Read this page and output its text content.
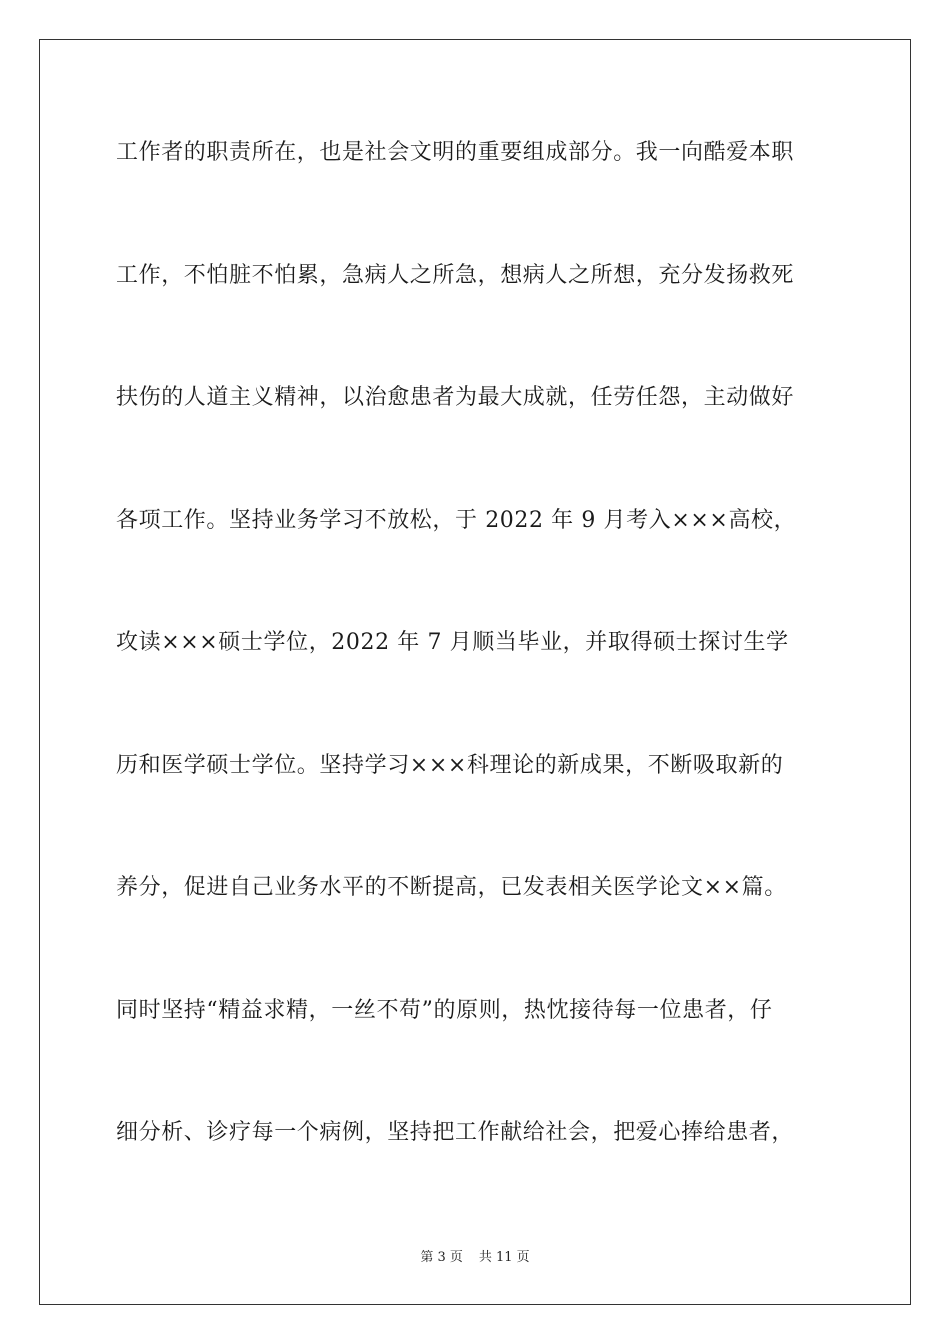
工作者的职责所在，也是社会文明的重要组成部分。我一向酷爱本职
工作，不怕脏不怕累，急病人之所急，想病人之所想，充分发扬救死
扶伤的人道主义精神，以治愈患者为最大成就，任劳任怨，主动做好
各项工作。坚持业务学习不放松，于 2022 年 9 月考入×××高校，
攻读×××硕士学位，2022 年 7 月顺当毕业，并取得硕士探讨生学
历和医学硕士学位。坚持学习×××科理论的新成果，不断吸取新的
养分，促进自己业务水平的不断提高，已发表相关医学论文××篇。
同时坚持“精益求精，一丝不苟”的原则，热忱接待每一位患者，仔
细分析、诊疗每一个病例，坚持把工作献给社会，把爱心捧给患者，
第 3 页 共 11 页
